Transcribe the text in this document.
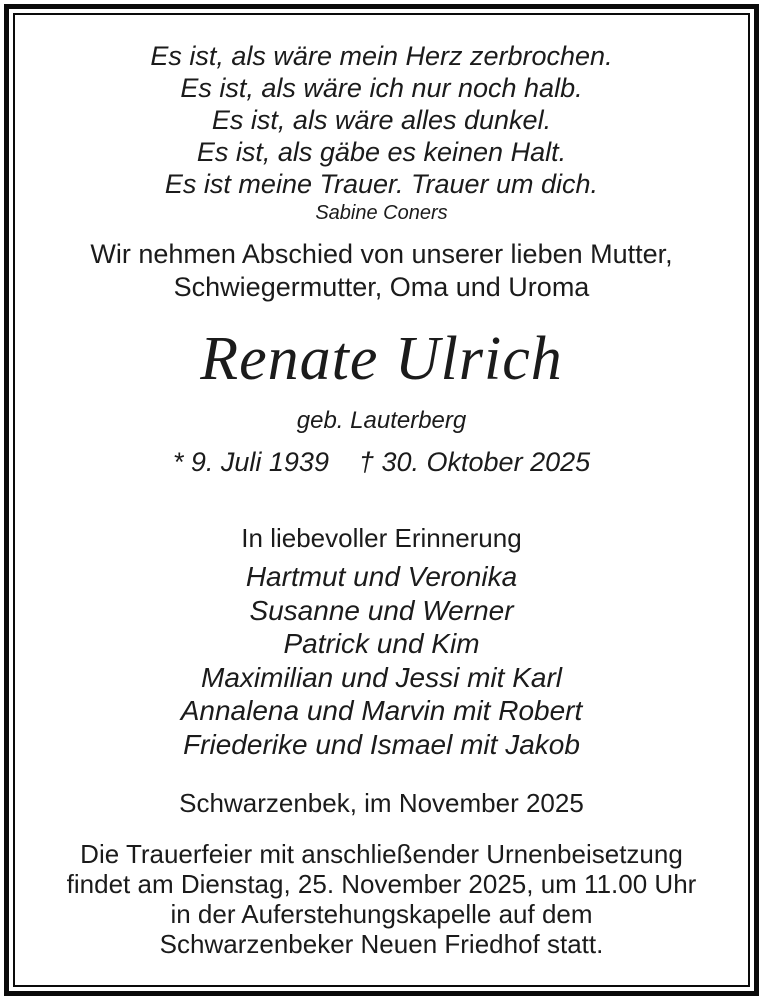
Es ist, als wäre mein Herz zerbrochen.
Es ist, als wäre ich nur noch halb.
Es ist, als wäre alles dunkel.
Es ist, als gäbe es keinen Halt.
Es ist meine Trauer. Trauer um dich.
Sabine Coners
Wir nehmen Abschied von unserer lieben Mutter,
Schwiegermutter, Oma und Uroma
Renate Ulrich
geb. Lauterberg
* 9. Juli 1939 † 30. Oktober 2025
In liebevoller Erinnerung
Hartmut und Veronika
Susanne und Werner
Patrick und Kim
Maximilian und Jessi mit Karl
Annalena und Marvin mit Robert
Friederike und Ismael mit Jakob
Schwarzenbek, im November 2025
Die Trauerfeier mit anschließender Urnenbeisetzung
findet am Dienstag, 25. November 2025, um 11.00 Uhr
in der Auferstehungskapelle auf dem
Schwarzenbeker Neuen Friedhof statt.
